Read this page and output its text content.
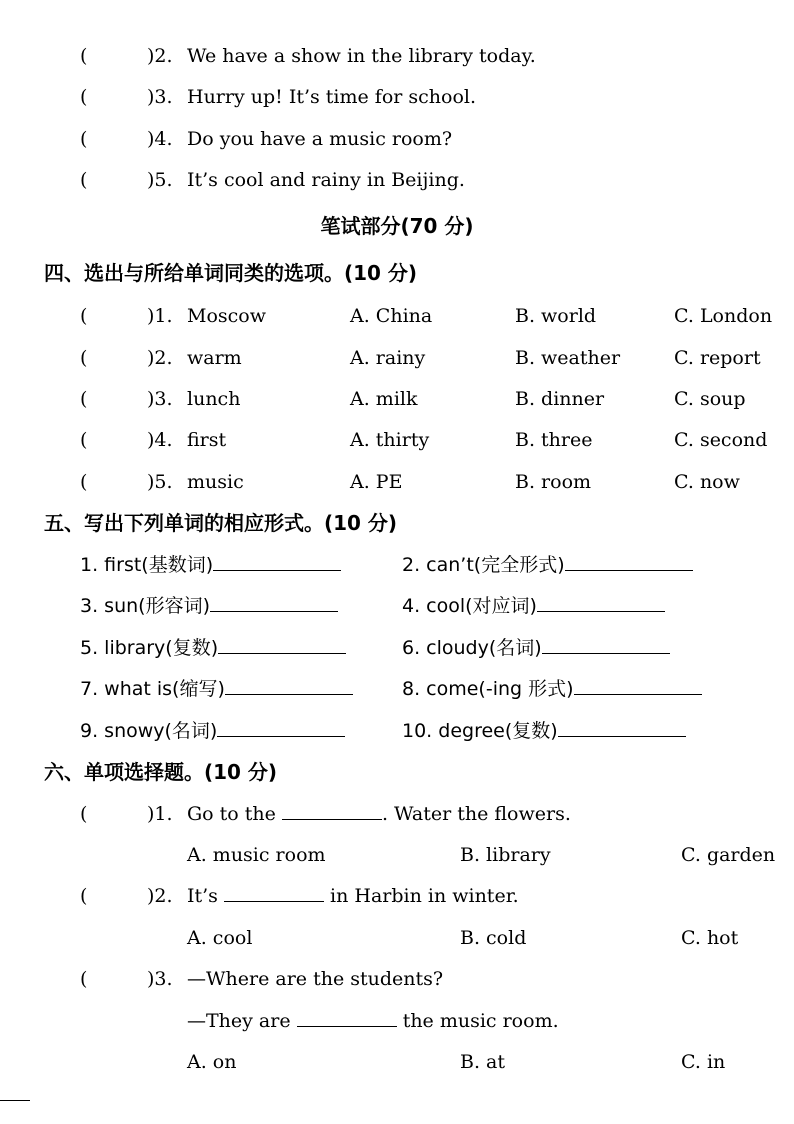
(	)2. We have a show in the library today.
(	)3. Hurry up! It’s time for school.
(	)4. Do you have a music room?
(	)5. It’s cool and rainy in Beijing.
笔试部分(70 分)
四、选出与所给单词同类的选项。(10 分)
(	)1. Moscow	A. China	B. world	C. London
(	)2. warm	A. rainy	B. weather	C. report
(	)3. lunch	A. milk	B. dinner	C. soup
(	)4. first	A. thirty	B. three	C. second
(	)5. music	A. PE	B. room	C. now
五、写出下列单词的相应形式。(10 分)
1. first(基数词)	2. can’t(完全形式)
3. sun(形容词)	4. cool(对应词)
5. library(复数)	6. cloudy(名词)
7. what is(缩写)	8. come(-ing 形式)
9. snowy(名词)	10. degree(复数)
六、单项选择题。(10 分)
(	)1. Go to the	. Water the flowers.
A. music room	B. library	C. garden
(	)2. It’s	in Harbin in winter.
A. cool	B. cold	C. hot
(	)3. —Where are the students?
—They are	the music room.
A. on	B. at	C. in
